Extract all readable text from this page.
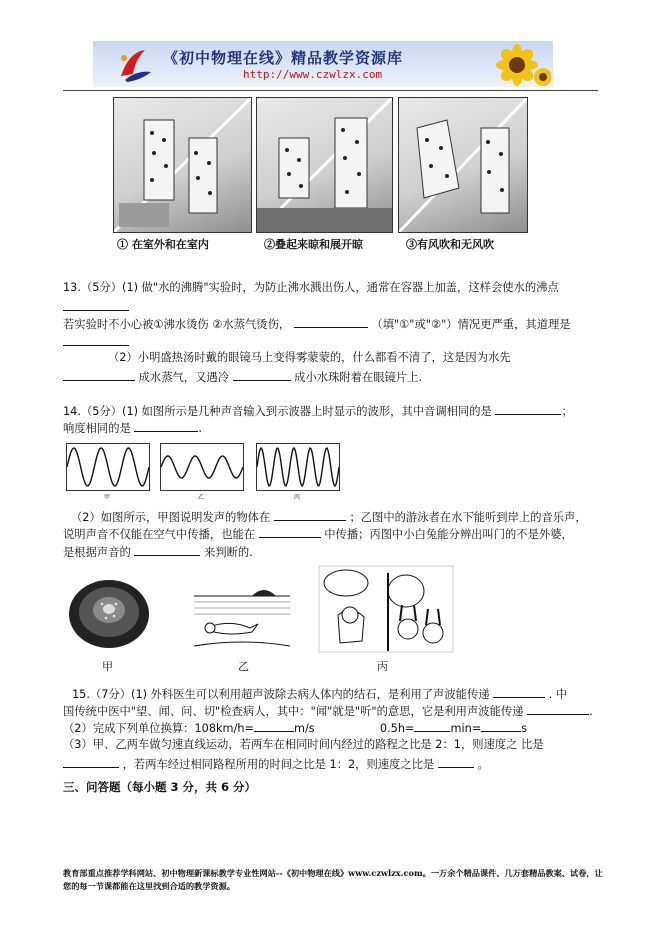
《初中物理在线》精品教学资源库
http://www.czwlzx.com
① 在室外和在室内	②叠起来晾和展开晾	③有风吹和无风吹
13.（5分）(1) 做"水的沸腾"实验时，为防止沸水溅出伤人，通常在容器上加盖，这样会使水的沸点
若实验时不小心被①沸水烫伤 ②水蒸气烫伤，	（填"①"或"②"）情况更严重，其道理是
（2）小明盛热汤时戴的眼镜马上变得雾蒙蒙的，什么都看不清了，这是因为水先
成水蒸气，又遇冷	成小水珠附着在眼镜片上.
14.（5分）(1) 如图所示是几种声音输入到示波器上时显示的波形，其中音调相同的是	；
响度相同的是	.
甲	乙	丙
（2）如图所示，甲图说明发声的物体在	；乙图中的游泳者在水下能听到岸上的音乐声，
说明声音不仅能在空气中传播，也能在	中传播；丙图中小白兔能分辨出叫门的不是外婆，
是根据声音的	来判断的.
甲	乙	丙
15.（7分）(1) 外科医生可以利用超声波除去病人体内的结石，是利用了声波能传递	. 中
国传统中医中"望、闻、问、切"检查病人，其中："闻"就是"听"的意思，它是利用声波能传递	.
（2）完成下列单位换算：108km/h=	m/s	0.5h=	min=	s
（3）甲、乙两车做匀速直线运动，若两车在相同时间内经过的路程之比是 2：1，则速度之 比是
，若两车经过相同路程所用的时间之比是 1：2，则速度之比是	。
三、问答题（每小题 3 分，共 6 分）
教育部重点推荐学科网站、初中物理新课标教学专业性网站--《初中物理在线》www.czwlzx.com。一万余个精品课件、几万套精品教案、试卷，让您的每一节课都能在这里找到合适的教学资源。
